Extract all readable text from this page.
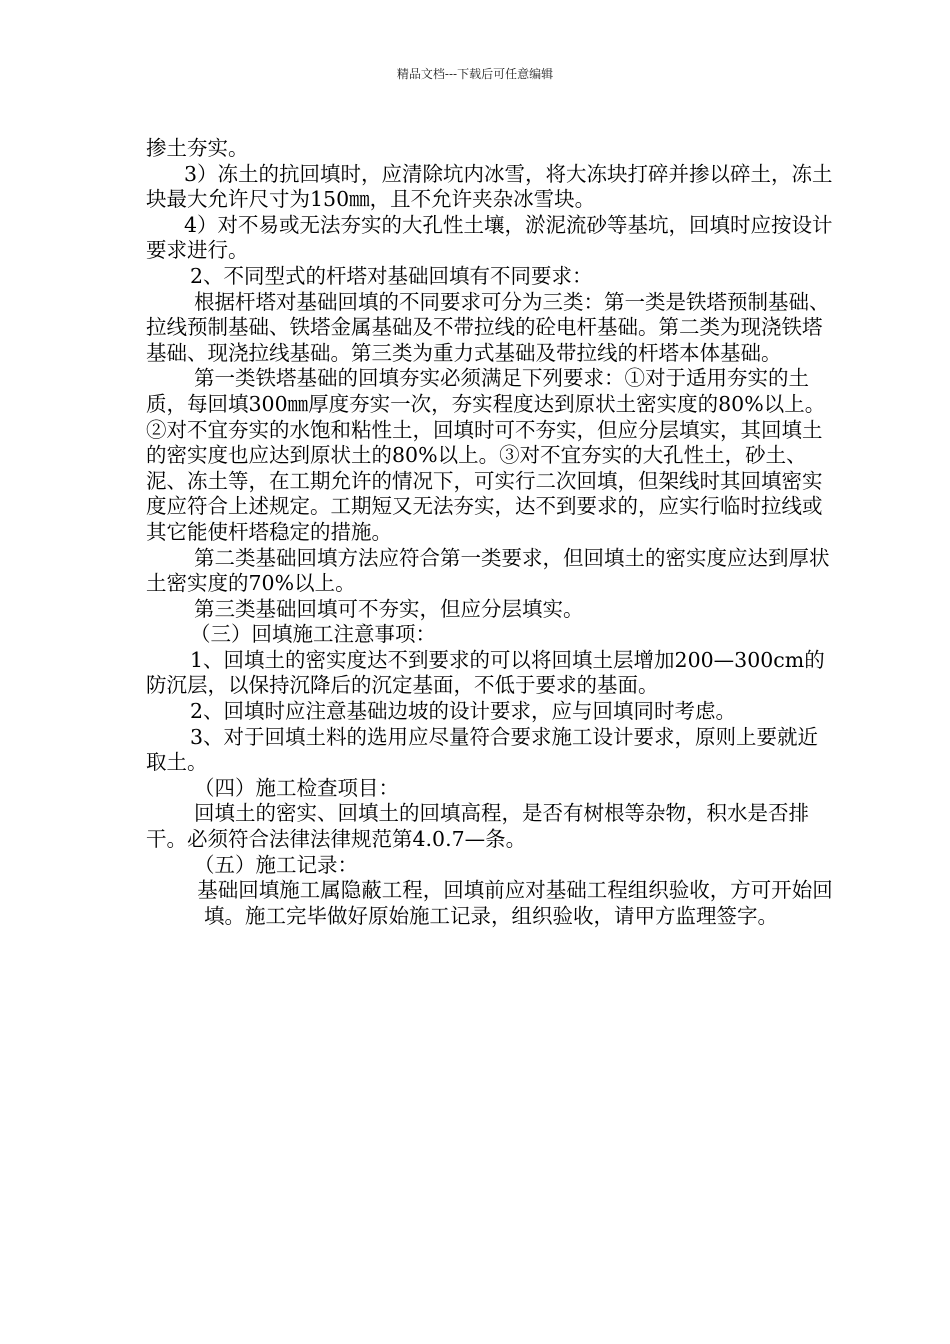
精品文档---下载后可任意编辑

掺土夯实。

3）冻土的抗回填时，应清除坑内冰雪，将大冻块打碎并掺以碎土，冻土块最大允许尺寸为150㎜，且不允许夹杂冰雪块。

4）对不易或无法夯实的大孔性土壤，淤泥流砂等基坑，回填时应按设计要求进行。

2、不同型式的杆塔对基础回填有不同要求：

根据杆塔对基础回填的不同要求可分为三类：第一类是铁塔预制基础、拉线预制基础、铁塔金属基础及不带拉线的砼电杆基础。第二类为现浇铁塔基础、现浇拉线基础。第三类为重力式基础及带拉线的杆塔本体基础。

第一类铁塔基础的回填夯实必须满足下列要求：①对于适用夯实的土质，每回填300㎜厚度夯实一次，夯实程度达到原状土密实度的80%以上。②对不宜夯实的水饱和粘性土，回填时可不夯实，但应分层填实，其回填土的密实度也应达到原状土的80%以上。③对不宜夯实的大孔性土，砂土、泥、冻土等，在工期允许的情况下，可实行二次回填，但架线时其回填密实度应符合上述规定。工期短又无法夯实，达不到要求的，应实行临时拉线或其它能使杆塔稳定的措施。

第二类基础回填方法应符合第一类要求，但回填土的密实度应达到厚状土密实度的70%以上。

第三类基础回填可不夯实，但应分层填实。

（三）回填施工注意事项：

1、回填土的密实度达不到要求的可以将回填土层增加200—300cm的防沉层，以保持沉降后的沉定基面，不低于要求的基面。

2、回填时应注意基础边坡的设计要求，应与回填同时考虑。

3、对于回填土料的选用应尽量符合要求施工设计要求，原则上要就近取土。

（四）施工检查项目：

回填土的密实、回填土的回填高程，是否有树根等杂物，积水是否排干。必须符合法律法律规范第4.0.7—条。

（五）施工记录：

基础回填施工属隐蔽工程，回填前应对基础工程组织验收，方可开始回填。施工完毕做好原始施工记录，组织验收，请甲方监理签字。
